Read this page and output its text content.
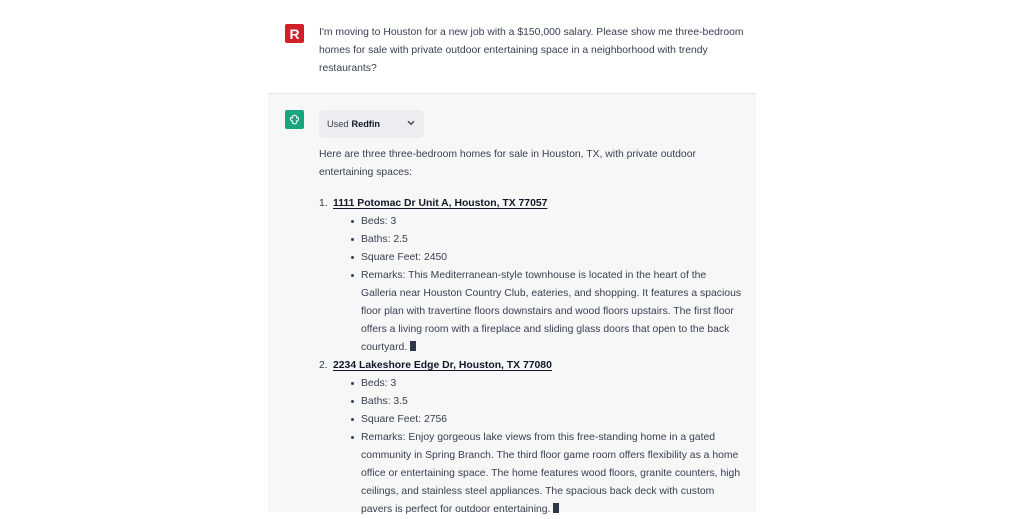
R I'm moving to Houston for a new job with a $150,000 salary. Please show me three-bedroom homes for sale with private outdoor entertaining space in a neighborhood with trendy restaurants?
Used Redfin

Here are three three-bedroom homes for sale in Houston, TX, with private outdoor entertaining spaces:

1. 1111 Potomac Dr Unit A, Houston, TX 77057
Beds: 3
Baths: 2.5
Square Feet: 2450
Remarks: This Mediterranean-style townhouse is located in the heart of the Galleria near Houston Country Club, eateries, and shopping. It features a spacious floor plan with travertine floors downstairs and wood floors upstairs. The first floor offers a living room with a fireplace and sliding glass doors that open to the back courtyard.
2. 2234 Lakeshore Edge Dr, Houston, TX 77080
Beds: 3
Baths: 3.5
Square Feet: 2756
Remarks: Enjoy gorgeous lake views from this free-standing home in a gated community in Spring Branch. The third floor game room offers flexibility as a home office or entertaining space. The home features wood floors, granite counters, high ceilings, and stainless steel appliances. The spacious back deck with custom pavers is perfect for outdoor entertaining.
